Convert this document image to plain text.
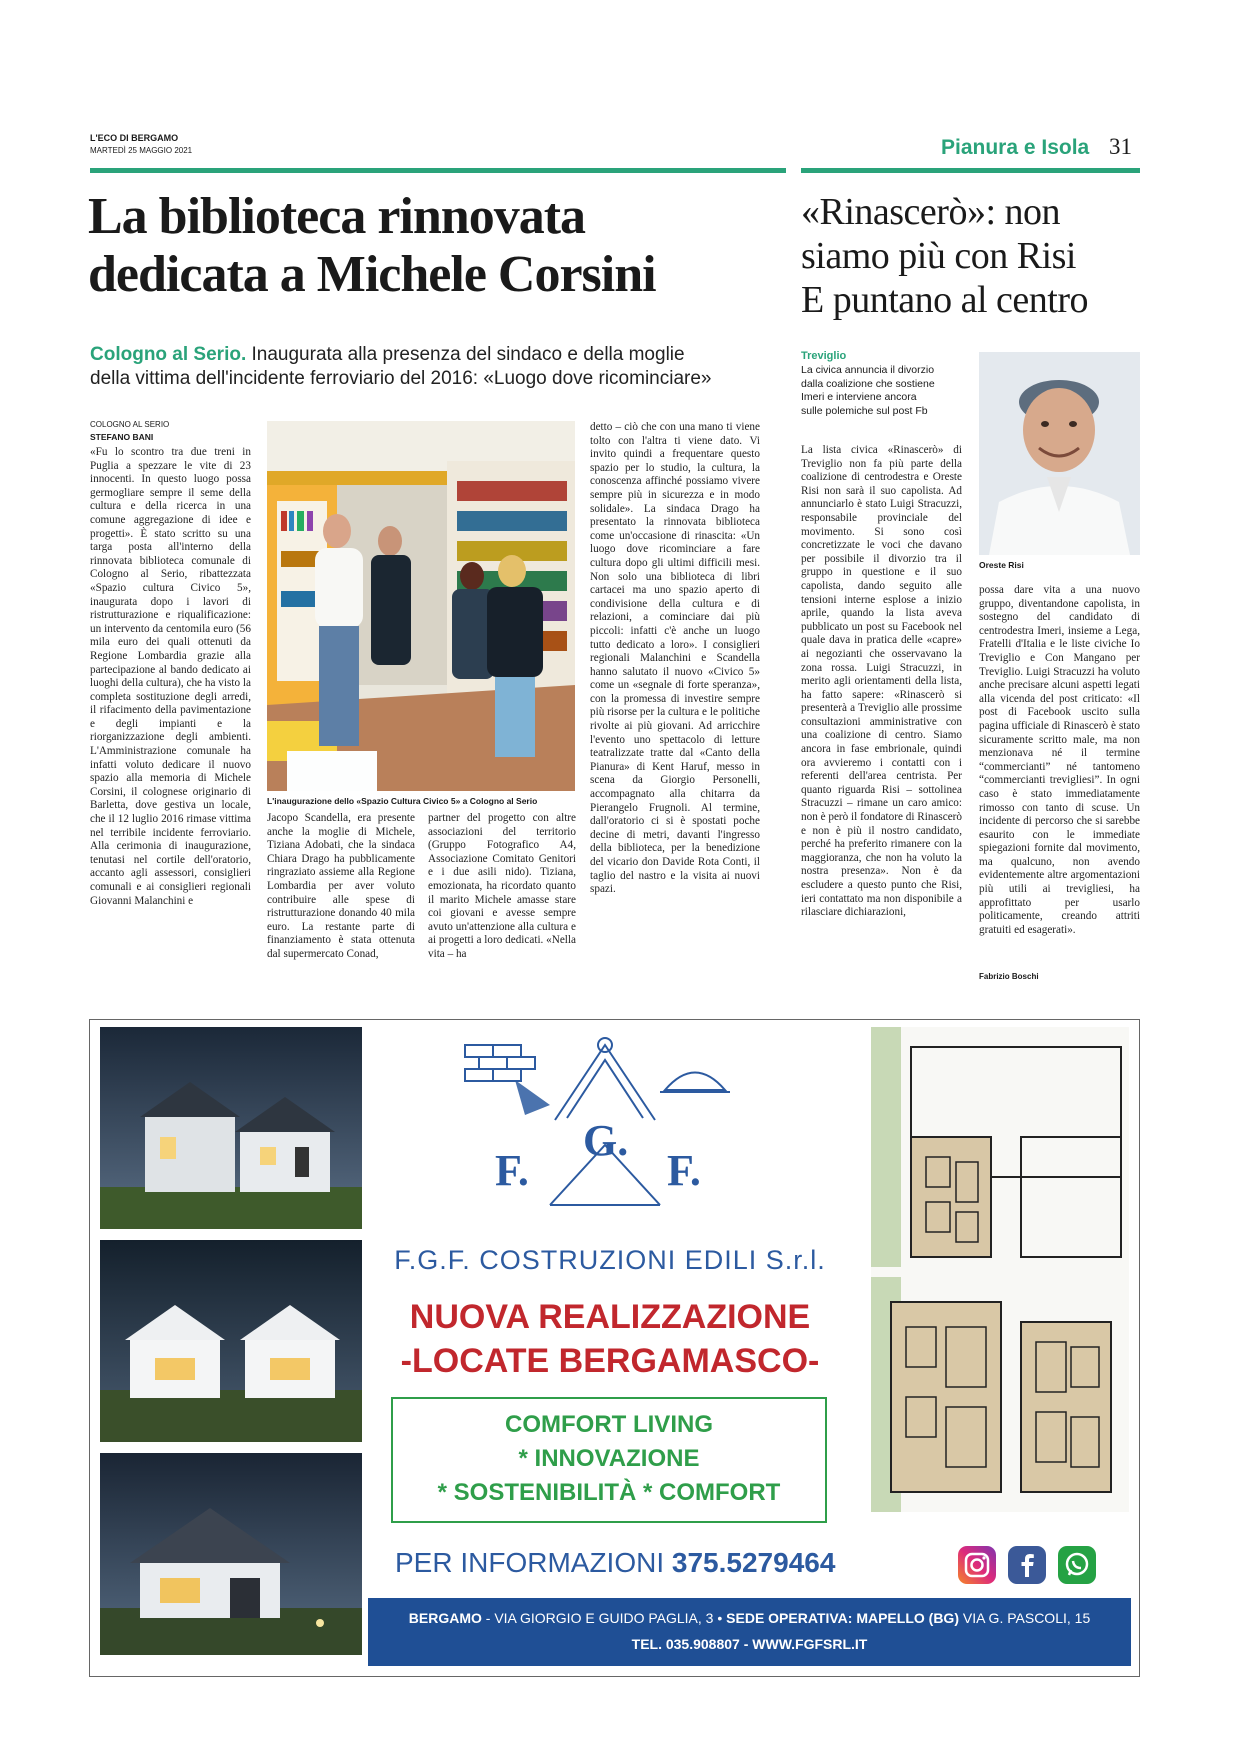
L'ECO DI BERGAMO
MARTEDÌ 25 MAGGIO 2021	Pianura e Isola 31
La biblioteca rinnovata
dedicata a Michele Corsini
Cologno al Serio. Inaugurata alla presenza del sindaco e della moglie
della vittima dell'incidente ferroviario del 2016: «Luogo dove ricominciare»
COLOGNO AL SERIO
STEFANO BANI

«Fu lo scontro tra due treni in Puglia a spezzare le vite di 23 innocenti. In questo luogo possa germogliare sempre il seme della cultura e della ricerca in una comune aggregazione di idee e progetti». È stato scritto su una targa posta all'interno della rinnovata biblioteca comunale di Cologno al Serio, ribattezzata «Spazio cultura Civico 5», inaugurata dopo i lavori di ristrutturazione e riqualificazione: un intervento da centomila euro (56 mila euro dei quali ottenuti da Regione Lombardia grazie alla partecipazione al bando dedicato ai luoghi della cultura), che ha visto la completa sostituzione degli arredi, il rifacimento della pavimentazione e degli impianti e la riorganizzazione degli ambienti. L'Amministrazione comunale ha infatti voluto dedicare il nuovo spazio alla memoria di Michele Corsini, il colognese originario di Barletta, dove gestiva un locale, che il 12 luglio 2016 rimase vittima nel terribile incidente ferroviario. Alla cerimonia di inaugurazione, tenutasi nel cortile dell'oratorio, accanto agli assessori, consiglieri comunali e ai consiglieri regionali Giovanni Malanchini e

L'inaugurazione dello «Spazio Cultura Civico 5» a Cologno al Serio

Jacopo Scandella, era presente anche la moglie di Michele, Tiziana Adobati, che la sindaca Chiara Drago ha pubblicamente ringraziato assieme alla Regione Lombardia per aver voluto contribuire alle spese di ristrutturazione donando 40 mila euro. La restante parte di finanziamento è stata ottenuta dal supermercato Conad,

partner del progetto con altre associazioni del territorio (Gruppo Fotografico A4, Associazione Comitato Genitori e i due asili nido). Tiziana, emozionata, ha ricordato quanto il marito Michele amasse stare coi giovani e avesse sempre avuto un'attenzione alla cultura e ai progetti a loro dedicati. «Nella vita – ha

detto – ciò che con una mano ti viene tolto con l'altra ti viene dato. Vi invito quindi a frequentare questo spazio per lo studio, la cultura, la conoscenza affinché possiamo vivere sempre più in sicurezza e in modo solidale». La sindaca Drago ha presentato la rinnovata biblioteca come un'occasione di rinascita: «Un luogo dove ricominciare a fare cultura dopo gli ultimi difficili mesi. Non solo una biblioteca di libri cartacei ma uno spazio aperto di condivisione della cultura e di relazioni, a cominciare dai più piccoli: infatti c'è anche un luogo tutto dedicato a loro». I consiglieri regionali Malanchini e Scandella hanno salutato il nuovo «Civico 5» come un «segnale di forte speranza», con la promessa di investire sempre più risorse per la cultura e le politiche rivolte ai più giovani. Ad arricchire l'evento uno spettacolo di letture teatralizzate tratte dal «Canto della Pianura» di Kent Haruf, messo in scena da Giorgio Personelli, accompagnato alla chitarra da Pierangelo Frugnoli. Al termine, dall'oratorio ci si è spostati poche decine di metri, davanti l'ingresso della biblioteca, per la benedizione del vicario don Davide Rota Conti, il taglio del nastro e la visita ai nuovi spazi.

«Rinascerò»: non
siamo più con Risi
E puntano al centro
Treviglio
La civica annuncia il divorzio
dalla coalizione che sostiene
Imeri e interviene ancora
sulle polemiche sul post Fb
Oreste Risi

La lista civica «Rinascerò» di Treviglio non fa più parte della coalizione di centrodestra e Oreste Risi non sarà il suo capolista. Ad annunciarlo è stato Luigi Stracuzzi, responsabile provinciale del movimento. Si sono così concretizzate le voci che davano per possibile il divorzio tra il gruppo in questione e il suo capolista, dando seguito alle tensioni interne esplose a inizio aprile, quando la lista aveva pubblicato un post su Facebook nel quale dava in pratica delle «capre» ai negozianti che osservavano la zona rossa. Luigi Stracuzzi, in merito agli orientamenti della lista, ha fatto sapere: «Rinascerò si presenterà a Treviglio alle prossime consultazioni amministrative con una coalizione di centro. Siamo ancora in fase embrionale, quindi ora avvieremo i contatti con i referenti dell'area centrista. Per quanto riguarda Risi – sottolinea Stracuzzi – rimane un caro amico: non è però il fondatore di Rinascerò e non è più il nostro candidato, perché ha preferito rimanere con la maggioranza, che non ha voluto la nostra presenza». Non è da escludere a questo punto che Risi, ieri contattato ma non disponibile a rilasciare dichiarazioni,

possa dare vita a una nuovo gruppo, diventandone capolista, in sostegno del candidato di centrodestra Imeri, insieme a Lega, Fratelli d'Italia e le liste civiche Io Treviglio e Con Mangano per Treviglio. Luigi Stracuzzi ha voluto anche precisare alcuni aspetti legati alla vicenda del post criticato: «Il post di Facebook uscito sulla pagina ufficiale di Rinascerò è stato sicuramente scritto male, ma non menzionava né il termine “commercianti” né tantomeno “commercianti trevigliesi”. In ogni caso è stato immediatamente rimosso con tanto di scuse. Un incidente di percorso che si sarebbe esaurito con le immediate spiegazioni fornite dal movimento, ma qualcuno, non avendo evidentemente altre argomentazioni più utili ai trevigliesi, ha approfittato per usarlo politicamente, creando attriti gratuiti ed esagerati».

Fabrizio Boschi
F.
G.
F.
F.G.F. COSTRUZIONI EDILI S.r.l.
NUOVA REALIZZAZIONE
-LOCATE BERGAMASCO-
COMFORT LIVING
* INNOVAZIONE
* SOSTENIBILITÀ * COMFORT
PER INFORMAZIONI 375.5279464
BERGAMO - VIA GIORGIO E GUIDO PAGLIA, 3 • SEDE OPERATIVA: MAPELLO (BG) VIA G. PASCOLI, 15
TEL. 035.908807 - WWW.FGFSRL.IT
